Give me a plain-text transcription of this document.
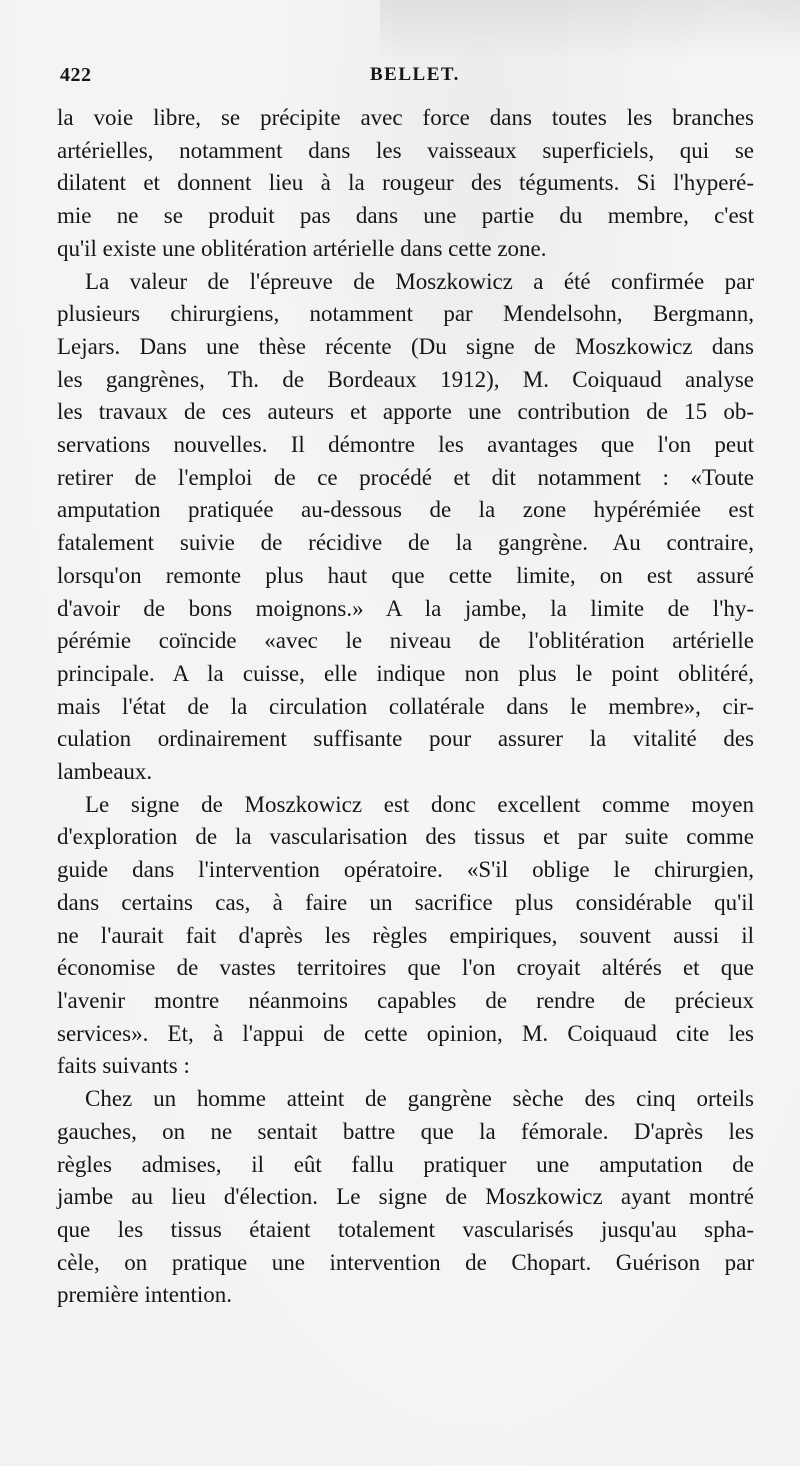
422	BELLET.

la voie libre, se précipite avec force dans toutes les branches
artérielles, notamment dans les vaisseaux superficiels, qui se
dilatent et donnent lieu à la rougeur des téguments. Si l'hyperé-
mie ne se produit pas dans une partie du membre, c'est
qu'il existe une oblitération artérielle dans cette zone.

La valeur de l'épreuve de Moszkowicz a été confirmée par
plusieurs chirurgiens, notamment par Mendelsohn, Bergmann,
Lejars. Dans une thèse récente (Du signe de Moszkowicz dans
les gangrènes, Th. de Bordeaux 1912), M. Coiquaud analyse
les travaux de ces auteurs et apporte une contribution de 15 ob-
servations nouvelles. Il démontre les avantages que l'on peut
retirer de l'emploi de ce procédé et dit notamment : «Toute
amputation pratiquée au-dessous de la zone hypérémiée est
fatalement suivie de récidive de la gangrène. Au contraire,
lorsqu'on remonte plus haut que cette limite, on est assuré
d'avoir de bons moignons.» A la jambe, la limite de l'hy-
pérémie coïncide «avec le niveau de l'oblitération artérielle
principale. A la cuisse, elle indique non plus le point oblitéré,
mais l'état de la circulation collatérale dans le membre», cir-
culation ordinairement suffisante pour assurer la vitalité des
lambeaux.

Le signe de Moszkowicz est donc excellent comme moyen
d'exploration de la vascularisation des tissus et par suite comme
guide dans l'intervention opératoire. «S'il oblige le chirurgien,
dans certains cas, à faire un sacrifice plus considérable qu'il
ne l'aurait fait d'après les règles empiriques, souvent aussi il
économise de vastes territoires que l'on croyait altérés et que
l'avenir montre néanmoins capables de rendre de précieux
services». Et, à l'appui de cette opinion, M. Coiquaud cite les
faits suivants :

Chez un homme atteint de gangrène sèche des cinq orteils
gauches, on ne sentait battre que la fémorale. D'après les
règles admises, il eût fallu pratiquer une amputation de
jambe au lieu d'élection. Le signe de Moszkowicz ayant montré
que les tissus étaient totalement vascularisés jusqu'au spha-
cèle, on pratique une intervention de Chopart. Guérison par
première intention.
